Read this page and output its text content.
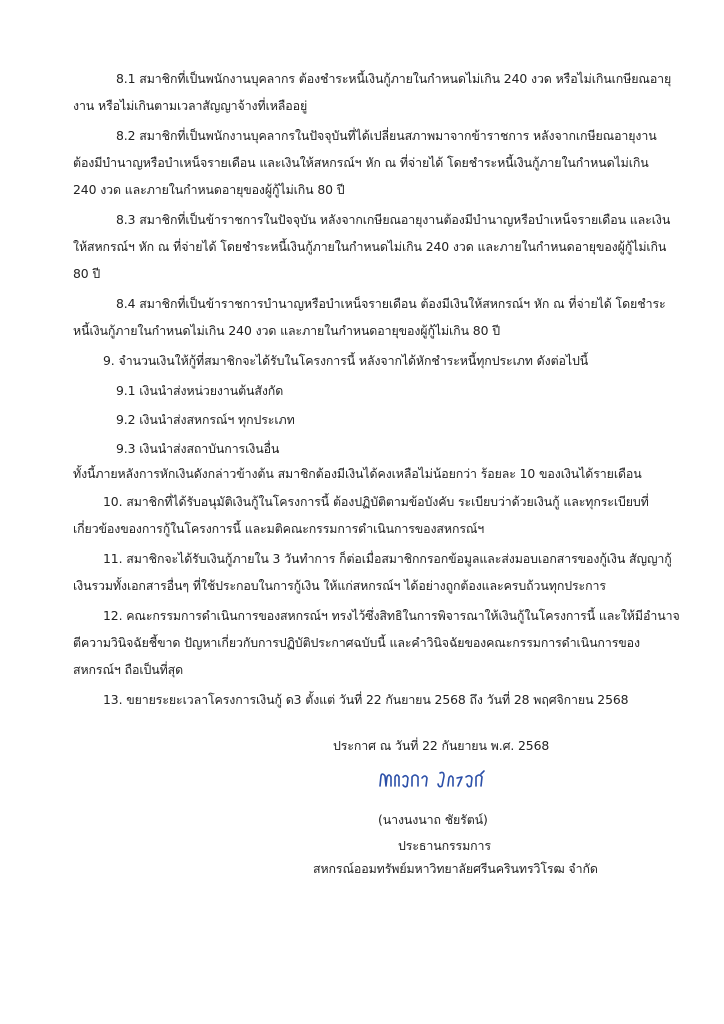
8.1 สมาชิกที่เป็นพนักงานบุคลากร ต้องชำระหนี้เงินกู้ภายในกำหนดไม่เกิน 240 งวด หรือไม่เกินเกษียณอายุ
งาน หรือไม่เกินตามเวลาสัญญาจ้างที่เหลืออยู่
8.2 สมาชิกที่เป็นพนักงานบุคลากรในปัจจุบันที่ได้เปลี่ยนสภาพมาจากข้าราชการ หลังจากเกษียณอายุงาน
ต้องมีบำนาญหรือบำเหน็จรายเดือน และเงินให้สหกรณ์ฯ หัก ณ ที่จ่ายได้ โดยชำระหนี้เงินกู้ภายในกำหนดไม่เกิน
240 งวด และภายในกำหนดอายุของผู้กู้ไม่เกิน 80 ปี
8.3 สมาชิกที่เป็นข้าราชการในปัจจุบัน หลังจากเกษียณอายุงานต้องมีบำนาญหรือบำเหน็จรายเดือน และเงิน
ให้สหกรณ์ฯ หัก ณ ที่จ่ายได้ โดยชำระหนี้เงินกู้ภายในกำหนดไม่เกิน 240 งวด และภายในกำหนดอายุของผู้กู้ไม่เกิน
80 ปี
8.4 สมาชิกที่เป็นข้าราชการบำนาญหรือบำเหน็จรายเดือน ต้องมีเงินให้สหกรณ์ฯ หัก ณ ที่จ่ายได้ โดยชำระ
หนี้เงินกู้ภายในกำหนดไม่เกิน 240 งวด และภายในกำหนดอายุของผู้กู้ไม่เกิน 80 ปี
9. จำนวนเงินให้กู้ที่สมาชิกจะได้รับในโครงการนี้ หลังจากได้หักชำระหนี้ทุกประเภท ดังต่อไปนี้
9.1 เงินนำส่งหน่วยงานต้นสังกัด
9.2 เงินนำส่งสหกรณ์ฯ ทุกประเภท
9.3 เงินนำส่งสถาบันการเงินอื่น
ทั้งนี้ภายหลังการหักเงินดังกล่าวข้างต้น สมาชิกต้องมีเงินได้คงเหลือไม่น้อยกว่า ร้อยละ 10 ของเงินได้รายเดือน
10. สมาชิกที่ได้รับอนุมัติเงินกู้ในโครงการนี้ ต้องปฏิบัติตามข้อบังคับ ระเบียบว่าด้วยเงินกู้ และทุกระเบียบที่
เกี่ยวข้องของการกู้ในโครงการนี้ และมติคณะกรรมการดำเนินการของสหกรณ์ฯ
11. สมาชิกจะได้รับเงินกู้ภายใน 3 วันทำการ ก็ต่อเมื่อสมาชิกกรอกข้อมูลและส่งมอบเอกสารของกู้เงิน สัญญากู้
เงินรวมทั้งเอกสารอื่นๆ ที่ใช้ประกอบในการกู้เงิน ให้แก่สหกรณ์ฯ ได้อย่างถูกต้องและครบถ้วนทุกประการ
12. คณะกรรมการดำเนินการของสหกรณ์ฯ ทรงไว้ซึ่งสิทธิในการพิจารณาให้เงินกู้ในโครงการนี้ และให้มีอำนาจ
ตีความวินิจฉัยชี้ขาด ปัญหาเกี่ยวกับการปฏิบัติประกาศฉบับนี้ และคำวินิจฉัยของคณะกรรมการดำเนินการของ
สหกรณ์ฯ ถือเป็นที่สุด
13. ขยายระยะเวลาโครงการเงินกู้ ด3 ตั้งแต่ วันที่ 22 กันยายน 2568 ถึง วันที่ 28 พฤศจิกายน 2568
ประกาศ ณ วันที่ 22 กันยายน พ.ศ. 2568
(นางนงนาถ ชัยรัตน์)
ประธานกรรมการ
สหกรณ์ออมทรัพย์มหาวิทยาลัยศรีนครินทรวิโรฒ จำกัด
